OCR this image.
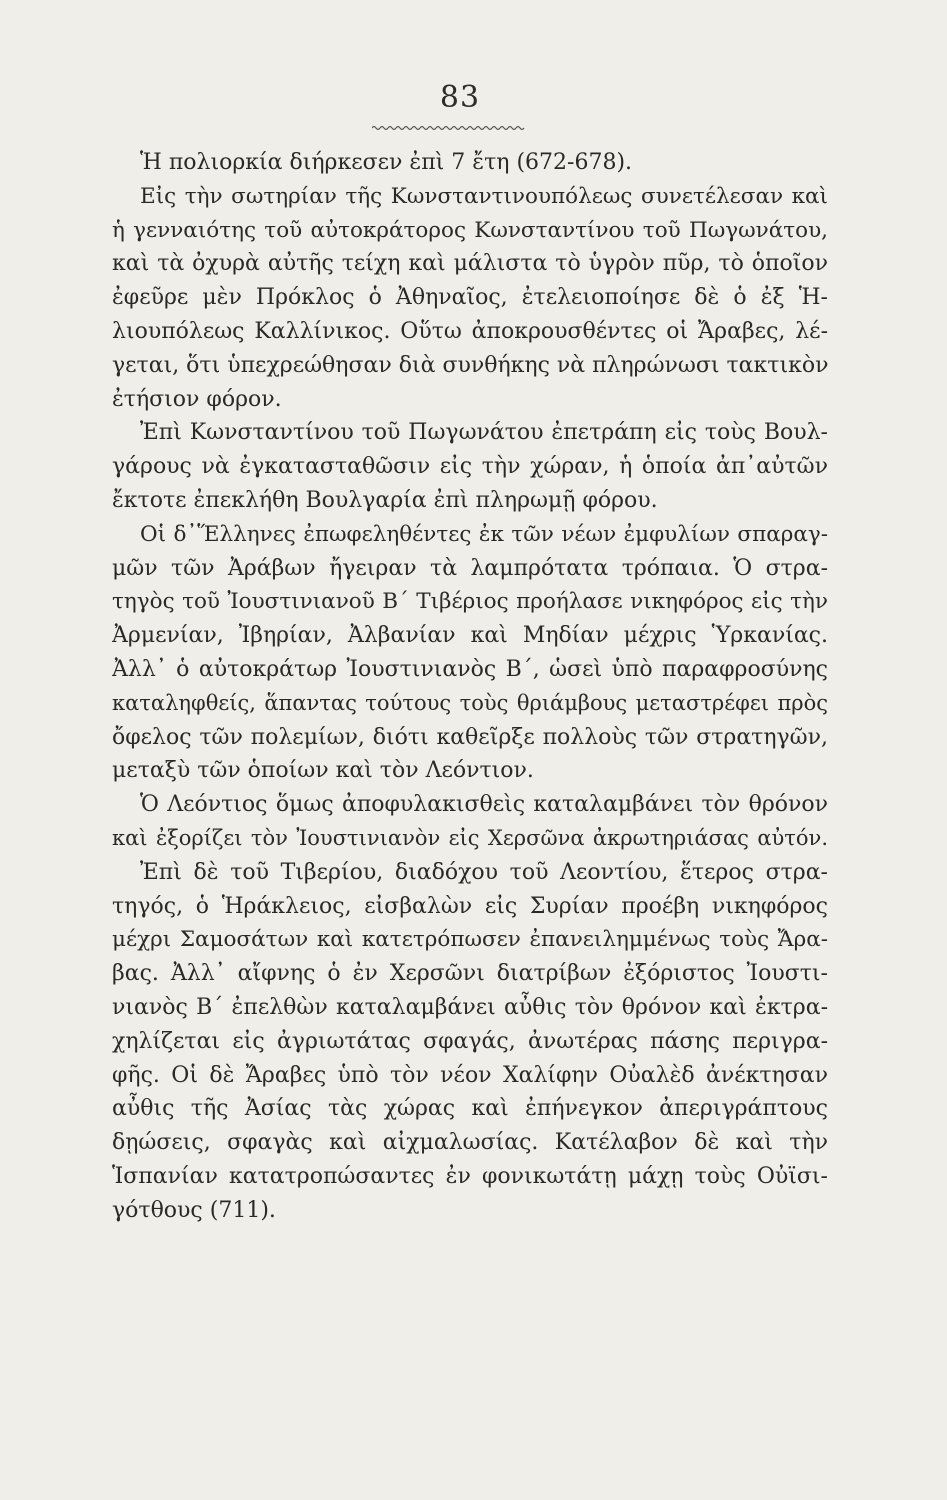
83
Ἡ πολιορκία διήρκεσεν ἐπὶ 7 ἔτη (672-678).
Εἰς τὴν σωτηρίαν τῆς Κωνσταντινουπόλεως συνετέλεσαν καὶ
ἡ γενναιότης τοῦ αὐτοκράτορος Κωνσταντίνου τοῦ Πωγωνάτου,
καὶ τὰ ὀχυρὰ αὐτῆς τείχη καὶ μάλιστα τὸ ὑγρὸν πῦρ, τὸ ὁποῖον
ἐφεῦρε μὲν Πρόκλος ὁ Ἀθηναῖος, ἐτελειοποίησε δὲ ὁ ἐξ Ἡ-
λιουπόλεως Καλλίνικος. Οὕτω ἀποκρουσθέντες οἱ Ἄραβες, λέ-
γεται, ὅτι ὑπεχρεώθησαν διὰ συνθήκης νὰ πληρώνωσι τακτικὸν
ἐτήσιον φόρον.
Ἐπὶ Κωνσταντίνου τοῦ Πωγωνάτου ἐπετράπη εἰς τοὺς Βουλ-
γάρους νὰ ἐγκατασταθῶσιν εἰς τὴν χώραν, ἡ ὁποία ἀπ᾽αὐτῶν
ἔκτοτε ἐπεκλήθη Βουλγαρία ἐπὶ πληρωμῇ φόρου.
Οἱ δ᾽Ἕλληνες ἐπωφεληθέντες ἐκ τῶν νέων ἐμφυλίων σπαραγ-
μῶν τῶν Ἀράβων ἤγειραν τὰ λαμπρότατα τρόπαια. Ὁ στρα-
τηγὸς τοῦ Ἰουστινιανοῦ Β΄ Τιβέριος προήλασε νικηφόρος εἰς τὴν
Ἀρμενίαν, Ἰβηρίαν, Ἀλβανίαν καὶ Μηδίαν μέχρις Ὑρκανίας.
Ἀλλ᾽ ὁ αὐτοκράτωρ Ἰουστινιανὸς Β΄, ὡσεὶ ὑπὸ παραφροσύνης
καταληφθείς, ἅπαντας τούτους τοὺς θριάμβους μεταστρέφει πρὸς
ὄφελος τῶν πολεμίων, διότι καθεῖρξε πολλοὺς τῶν στρατηγῶν,
μεταξὺ τῶν ὁποίων καὶ τὸν Λεόντιον.
Ὁ Λεόντιος ὅμως ἀποφυλακισθεὶς καταλαμβάνει τὸν θρόνον
καὶ ἐξορίζει τὸν Ἰουστινιανὸν εἰς Χερσῶνα ἀκρωτηριάσας αὐτόν.
Ἐπὶ δὲ τοῦ Τιβερίου, διαδόχου τοῦ Λεοντίου, ἕτερος στρα-
τηγός, ὁ Ἡράκλειος, εἰσβαλὼν εἰς Συρίαν προέβη νικηφόρος
μέχρι Σαμοσάτων καὶ κατετρόπωσεν ἐπανειλημμένως τοὺς Ἄρα-
βας. Ἀλλ᾽ αἴφνης ὁ ἐν Χερσῶνι διατρίβων ἐξόριστος Ἰουστι-
νιανὸς Β΄ ἐπελθὼν καταλαμβάνει αὖθις τὸν θρόνον καὶ ἐκτρα-
χηλίζεται εἰς ἀγριωτάτας σφαγάς, ἀνωτέρας πάσης περιγρα-
φῆς. Οἱ δὲ Ἄραβες ὑπὸ τὸν νέον Χαλίφην Οὐαλὲδ ἀνέκτησαν
αὖθις τῆς Ἀσίας τὰς χώρας καὶ ἐπήνεγκον ἀπεριγράπτους
δῃώσεις, σφαγὰς καὶ αἰχμαλωσίας. Κατέλαβον δὲ καὶ τὴν
Ἱσπανίαν κατατροπώσαντες ἐν φονικωτάτῃ μάχῃ τοὺς Οὐϊσι-
γότθους (711).
